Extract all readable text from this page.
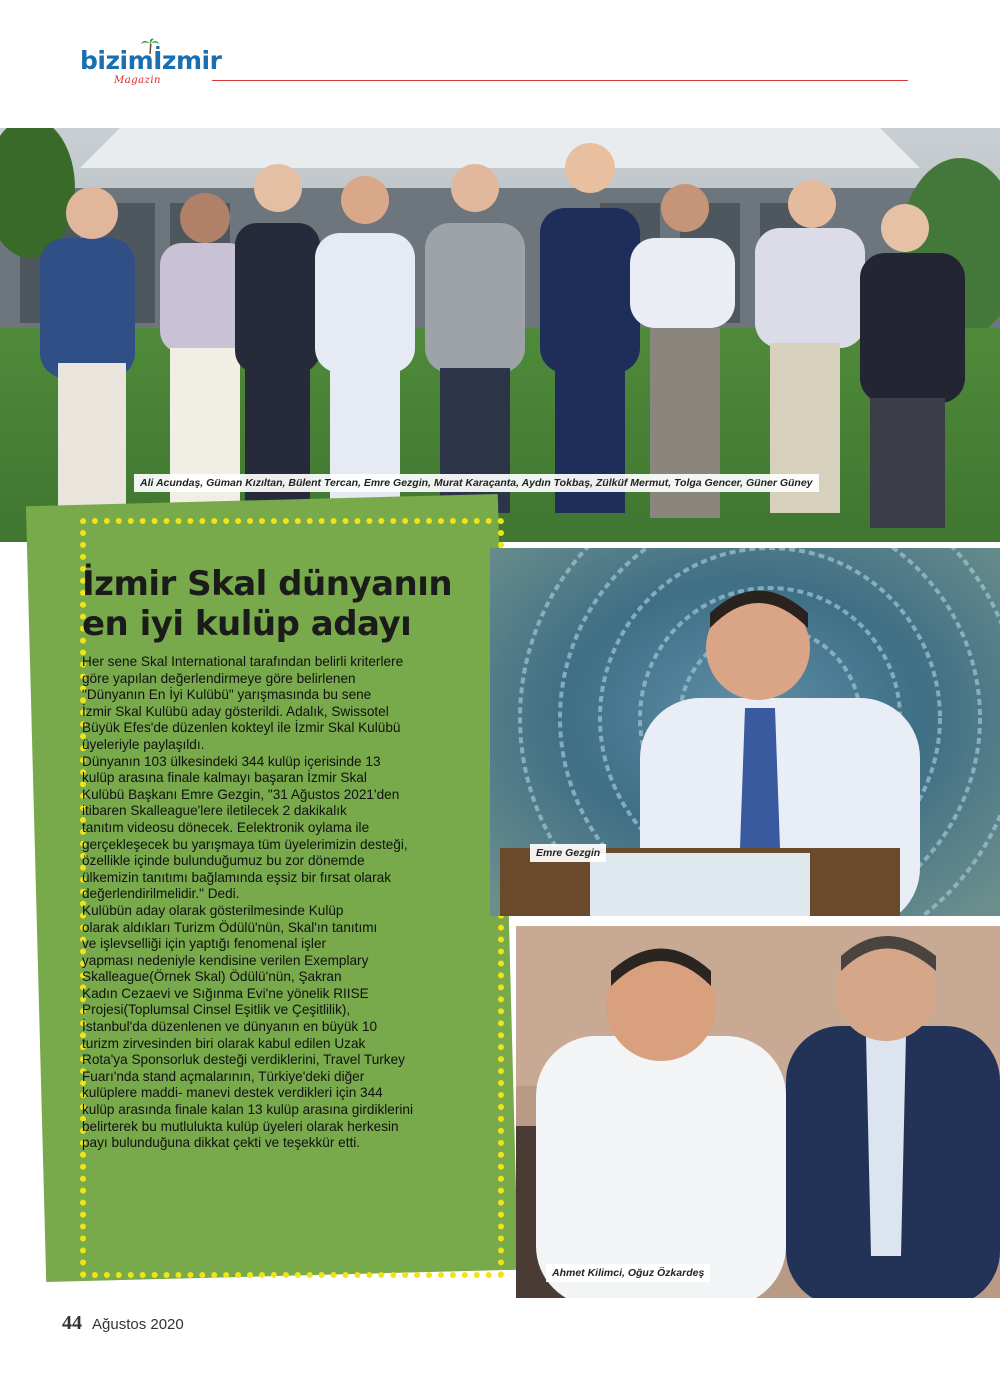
bizimİzmir
Magazin
Ali Acundaş, Güman Kızıltan, Bülent Tercan, Emre Gezgin, Murat Karaçanta, Aydın Tokbaş, Zülküf Mermut, Tolga Gencer, Güner Güney
İzmir Skal dünyanın
en iyi kulüp adayı

Her sene Skal International tarafından belirli kriterlere

göre yapılan değerlendirmeye göre belirlenen

"Dünyanın En İyi Kulübü" yarışmasında bu sene

İzmir Skal Kulübü aday gösterildi. Adalık, Swissotel

Büyük Efes'de düzenlen kokteyl ile İzmir Skal Kulübü

üyeleriyle paylaşıldı.

Dünyanın 103 ülkesindeki 344 kulüp içerisinde 13

kulüp arasına finale kalmayı başaran İzmir Skal

Kulübü Başkanı Emre Gezgin, "31 Ağustos 2021'den

itibaren Skalleague'lere iletilecek 2 dakikalık

tanıtım videosu dönecek. Eelektronik oylama ile

gerçekleşecek bu yarışmaya tüm üyelerimizin desteği,

özellikle içinde bulunduğumuz bu zor dönemde

ülkemizin tanıtımı bağlamında eşsiz bir fırsat olarak

değerlendirilmelidir." Dedi.

Kulübün aday olarak gösterilmesinde Kulüp

olarak aldıkları Turizm Ödülü'nün, Skal'ın tanıtımı

ve işlevselliği için yaptığı fenomenal işler

yapması nedeniyle kendisine verilen Exemplary

Skalleague(Örnek Skal) Ödülü'nün, Şakran

Kadın Cezaevi ve Sığınma Evi'ne yönelik RIISE

Projesi(Toplumsal Cinsel Eşitlik ve Çeşitlilik),

İstanbul'da düzenlenen ve dünyanın en büyük 10

turizm zirvesinden biri olarak kabul edilen Uzak

Rota'ya Sponsorluk desteği verdiklerini, Travel Turkey

Fuarı'nda stand açmalarının, Türkiye'deki diğer

kulüplere maddi- manevi destek verdikleri için 344

kulüp arasında finale kalan 13 kulüp arasına girdiklerini

belirterek bu mutlulukta kulüp üyeleri olarak herkesin

payı bulunduğuna dikkat çekti ve teşekkür etti.

Emre Gezgin
Ahmet Kilimci, Oğuz Özkardeş
44 Ağustos 2020
